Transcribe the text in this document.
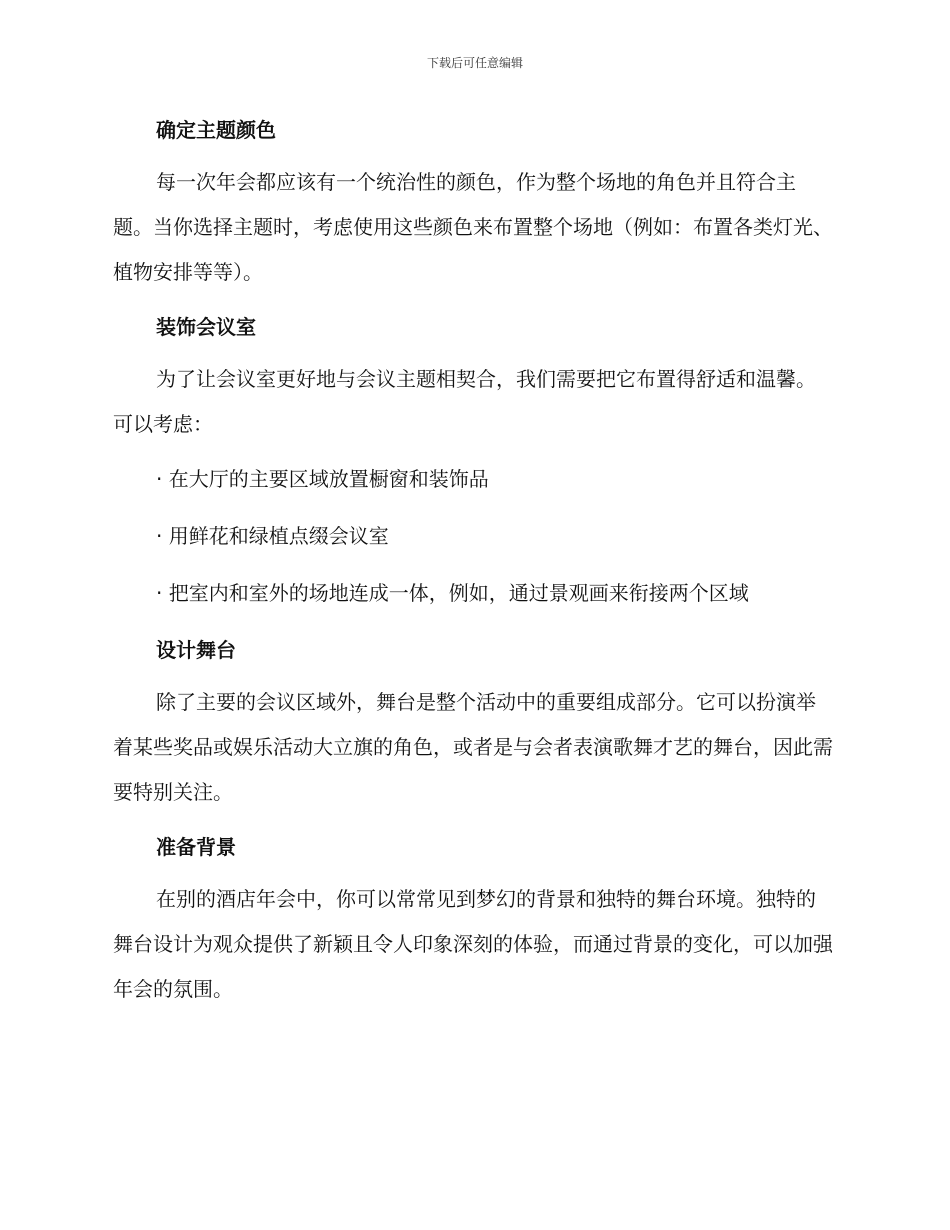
下载后可任意编辑
确定主题颜色
每一次年会都应该有一个统治性的颜色，作为整个场地的角色并且符合主题。当你选择主题时，考虑使用这些颜色来布置整个场地（例如：布置各类灯光、植物安排等等）。
装饰会议室
为了让会议室更好地与会议主题相契合，我们需要把它布置得舒适和温馨。可以考虑：
· 在大厅的主要区域放置橱窗和装饰品
· 用鲜花和绿植点缀会议室
· 把室内和室外的场地连成一体，例如，通过景观画来衔接两个区域
设计舞台
除了主要的会议区域外，舞台是整个活动中的重要组成部分。它可以扮演举着某些奖品或娱乐活动大立旗的角色，或者是与会者表演歌舞才艺的舞台，因此需要特别关注。
准备背景
在别的酒店年会中，你可以常常见到梦幻的背景和独特的舞台环境。独特的舞台设计为观众提供了新颖且令人印象深刻的体验，而通过背景的变化，可以加强年会的氛围。
